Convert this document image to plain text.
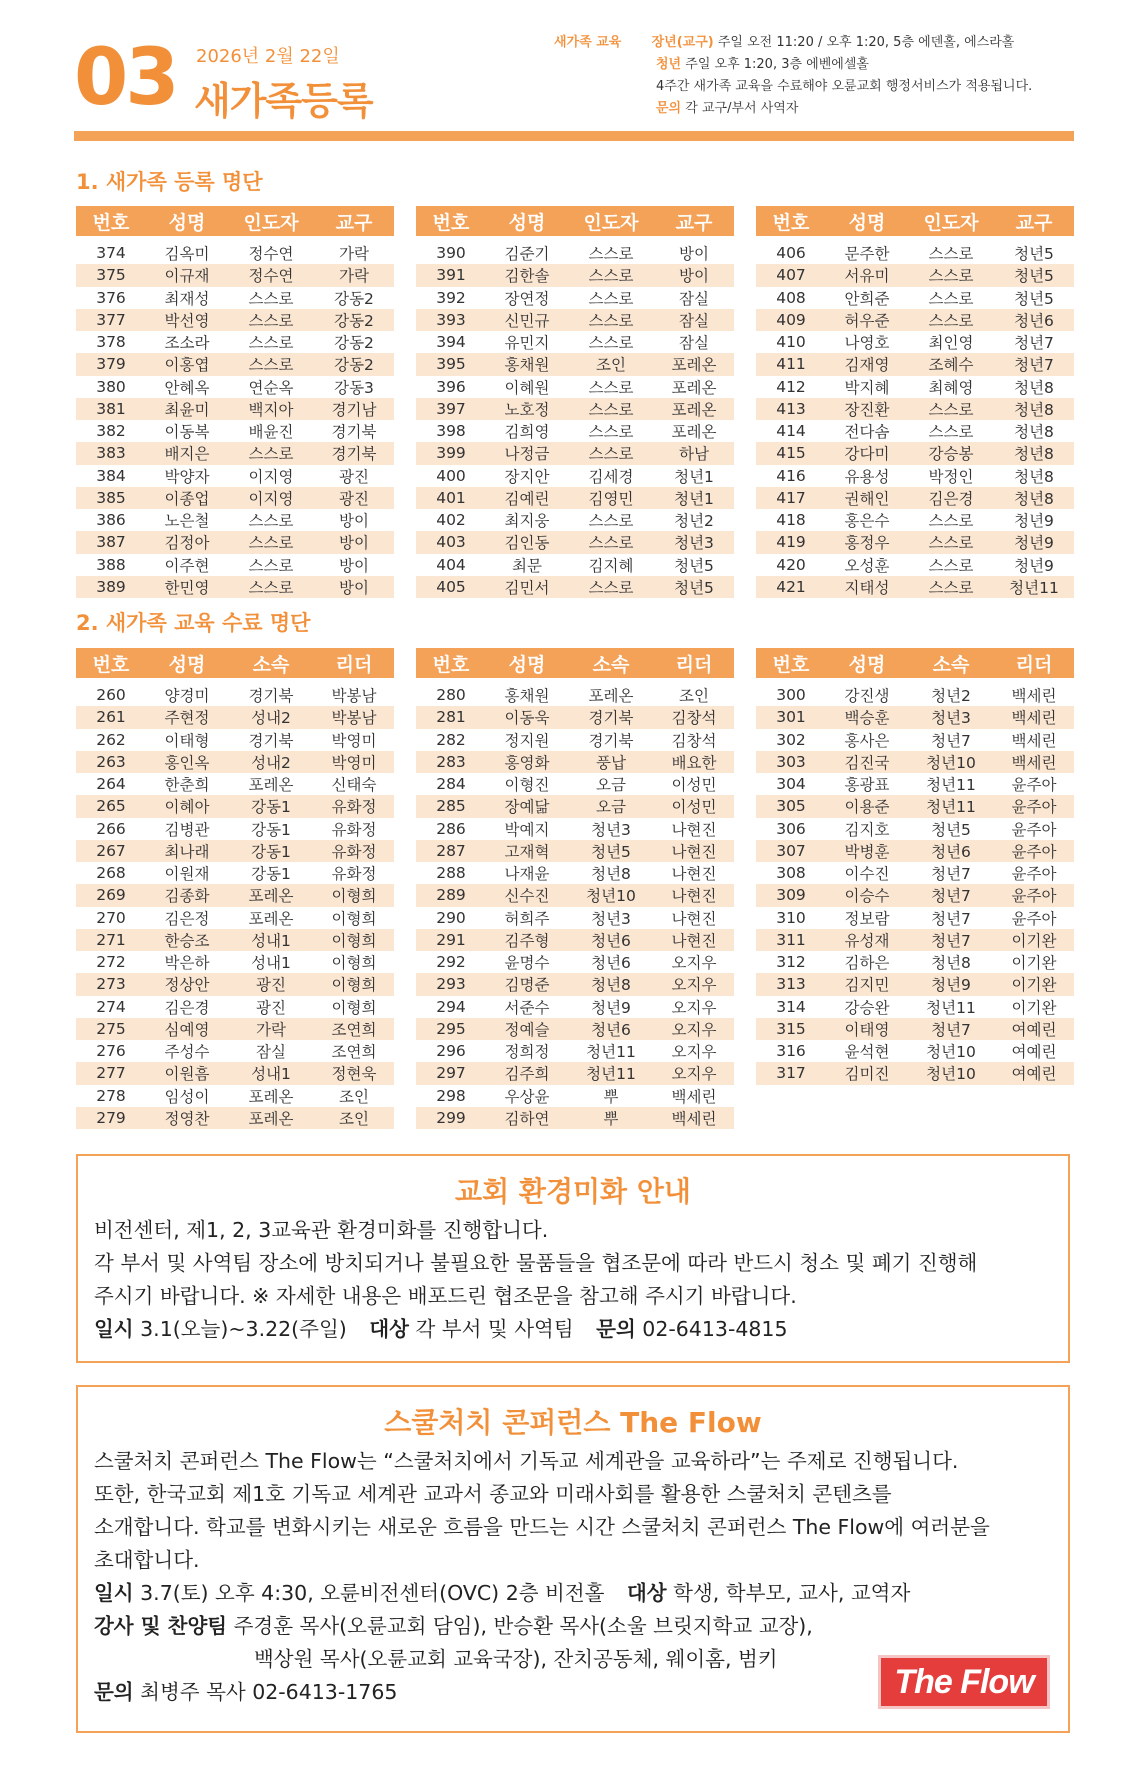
03 2026년 2월 22일
새가족등록
새가족 교육 장년(교구) 주일 오전 11:20 / 오후 1:20, 5층 에덴홀, 에스라홀
청년 주일 오후 1:20, 3층 에벤에셀홀
4주간 새가족 교육을 수료해야 오륜교회 행정서비스가 적용됩니다.
문의 각 교구/부서 사역자
1. 새가족 등록 명단
번호	성명	인도자	교구
374	김옥미	정수연	가락
375	이규재	정수연	가락
376	최재성	스스로	강동2
377	박선영	스스로	강동2
378	조소라	스스로	강동2
379	이홍엽	스스로	강동2
380	안혜옥	연순옥	강동3
381	최윤미	백지아	경기남
382	이동복	배윤진	경기북
383	배지은	스스로	경기북
384	박양자	이지영	광진
385	이종업	이지영	광진
386	노은철	스스로	방이
387	김정아	스스로	방이
388	이주현	스스로	방이
389	한민영	스스로	방이
번호	성명	인도자	교구
390	김준기	스스로	방이
391	김한솔	스스로	방이
392	장연정	스스로	잠실
393	신민규	스스로	잠실
394	유민지	스스로	잠실
395	홍채원	조인	포레온
396	이혜원	스스로	포레온
397	노호정	스스로	포레온
398	김희영	스스로	포레온
399	나정금	스스로	하남
400	장지안	김세경	청년1
401	김예린	김영민	청년1
402	최지웅	스스로	청년2
403	김인동	스스로	청년3
404	최문	김지혜	청년5
405	김민서	스스로	청년5
번호	성명	인도자	교구
406	문주한	스스로	청년5
407	서유미	스스로	청년5
408	안희준	스스로	청년5
409	허우준	스스로	청년6
410	나영호	최인영	청년7
411	김재영	조혜수	청년7
412	박지혜	최혜영	청년8
413	장진환	스스로	청년8
414	전다솜	스스로	청년8
415	강다미	강승봉	청년8
416	유용성	박정인	청년8
417	권해인	김은경	청년8
418	홍은수	스스로	청년9
419	홍정우	스스로	청년9
420	오성훈	스스로	청년9
421	지태성	스스로	청년11
2. 새가족 교육 수료 명단
번호	성명	소속	리더
260	양경미	경기북	박봉남
261	주현정	성내2	박봉남
262	이태형	경기북	박영미
263	홍인옥	성내2	박영미
264	한춘희	포레온	신태숙
265	이혜아	강동1	유화정
266	김병관	강동1	유화정
267	최나래	강동1	유화정
268	이원재	강동1	유화정
269	김종화	포레온	이형희
270	김은정	포레온	이형희
271	한승조	성내1	이형희
272	박은하	성내1	이형희
273	정상안	광진	이형희
274	김은경	광진	이형희
275	심예영	가락	조연희
276	주성수	잠실	조연희
277	이원흠	성내1	정현욱
278	임성이	포레온	조인
279	정영찬	포레온	조인
번호	성명	소속	리더
280	홍채원	포레온	조인
281	이동욱	경기북	김창석
282	정지원	경기북	김창석
283	홍영화	풍납	배요한
284	이형진	오금	이성민
285	장예닮	오금	이성민
286	박예지	청년3	나현진
287	고재혁	청년5	나현진
288	나재윤	청년8	나현진
289	신수진	청년10	나현진
290	허희주	청년3	나현진
291	김주형	청년6	나현진
292	윤명수	청년6	오지우
293	김명준	청년8	오지우
294	서준수	청년9	오지우
295	정예슬	청년6	오지우
296	정희정	청년11	오지우
297	김주희	청년11	오지우
298	우상윤	뿌	백세린
299	김하연	뿌	백세린
번호	성명	소속	리더
300	강진생	청년2	백세린
301	백승훈	청년3	백세린
302	홍사은	청년7	백세린
303	김진국	청년10	백세린
304	홍광표	청년11	윤주아
305	이용준	청년11	윤주아
306	김지호	청년5	윤주아
307	박병훈	청년6	윤주아
308	이수진	청년7	윤주아
309	이승수	청년7	윤주아
310	정보람	청년7	윤주아
311	유성재	청년7	이기완
312	김하은	청년8	이기완
313	김지민	청년9	이기완
314	강승완	청년11	이기완
315	이태영	청년7	여예린
316	윤석현	청년10	여예린
317	김미진	청년10	여예린
교회 환경미화 안내
비전센터, 제1, 2, 3교육관 환경미화를 진행합니다.
각 부서 및 사역팀 장소에 방치되거나 불필요한 물품들을 협조문에 따라 반드시 청소 및 폐기 진행해
주시기 바랍니다. ※ 자세한 내용은 배포드린 협조문을 참고해 주시기 바랍니다.
일시 3.1(오늘)~3.22(주일) 대상 각 부서 및 사역팀 문의 02-6413-4815
스쿨처치 콘퍼런스 The Flow
스쿨처치 콘퍼런스 The Flow는 “스쿨처치에서 기독교 세계관을 교육하라”는 주제로 진행됩니다.
또한, 한국교회 제1호 기독교 세계관 교과서 종교와 미래사회를 활용한 스쿨처치 콘텐츠를
소개합니다. 학교를 변화시키는 새로운 흐름을 만드는 시간 스쿨처치 콘퍼런스 The Flow에 여러분을
초대합니다.
일시 3.7(토) 오후 4:30, 오륜비전센터(OVC) 2층 비전홀 대상 학생, 학부모, 교사, 교역자
강사 및 찬양팀 주경훈 목사(오륜교회 담임), 반승환 목사(소울 브릿지학교 교장),
백상원 목사(오륜교회 교육국장), 잔치공동체, 웨이홈, 범키
문의 최병주 목사 02-6413-1765	The Flow
